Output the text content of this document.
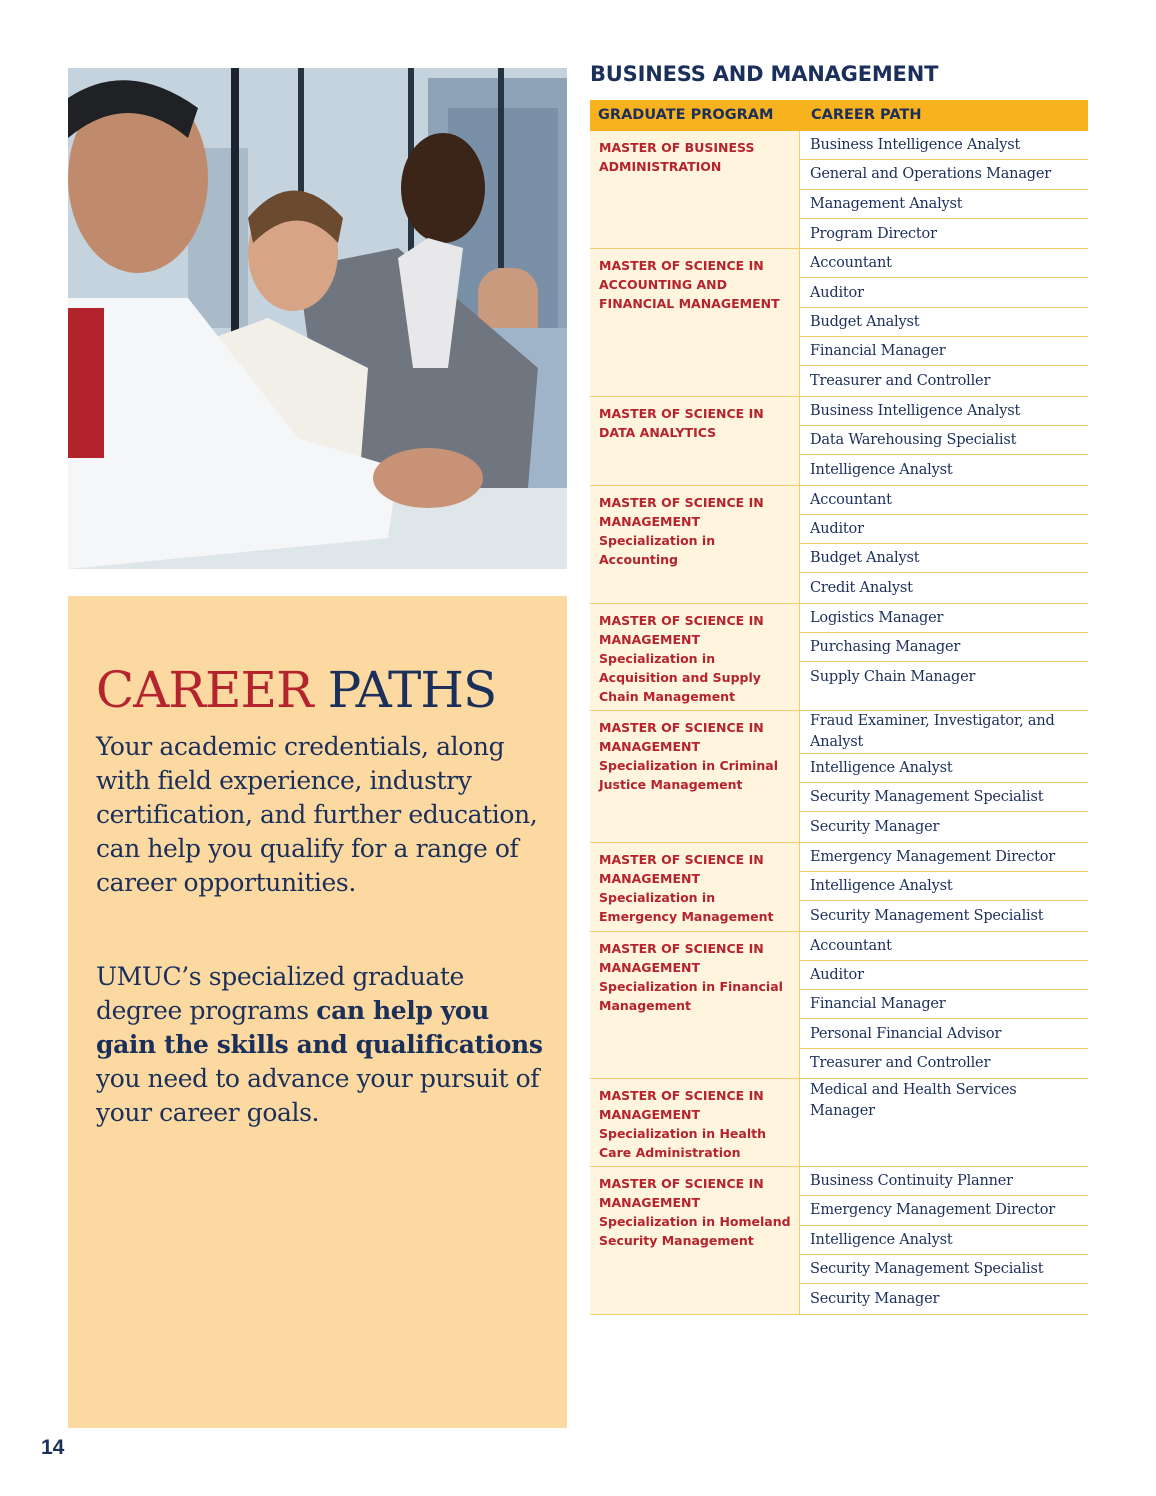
CAREER PATHS

Your academic credentials, along with field experience, industry certification, and further education, can help you qualify for a range of career opportunities.

UMUC’s specialized graduate degree programs can help you gain the skills and qualifications you need to advance your pursuit of your career goals.

14
BUSINESS AND MANAGEMENT
GRADUATE PROGRAM	CAREER PATH
MASTER OF BUSINESS ADMINISTRATION
Business Intelligence Analyst
General and Operations Manager
Management Analyst
Program Director
MASTER OF SCIENCE IN ACCOUNTING AND FINANCIAL MANAGEMENT
Accountant
Auditor
Budget Analyst
Financial Manager
Treasurer and Controller
MASTER OF SCIENCE IN DATA ANALYTICS
Business Intelligence Analyst
Data Warehousing Specialist
Intelligence Analyst
MASTER OF SCIENCE IN MANAGEMENT
Specialization in Accounting
Accountant
Auditor
Budget Analyst
Credit Analyst
MASTER OF SCIENCE IN MANAGEMENT
Specialization in Acquisition and Supply Chain Management
Logistics Manager
Purchasing Manager
Supply Chain Manager
MASTER OF SCIENCE IN MANAGEMENT
Specialization in Criminal Justice Management
Fraud Examiner, Investigator, and Analyst
Intelligence Analyst
Security Management Specialist
Security Manager
MASTER OF SCIENCE IN MANAGEMENT
Specialization in Emergency Management
Emergency Management Director
Intelligence Analyst
Security Management Specialist
MASTER OF SCIENCE IN MANAGEMENT
Specialization in Financial Management
Accountant
Auditor
Financial Manager
Personal Financial Advisor
Treasurer and Controller
MASTER OF SCIENCE IN MANAGEMENT
Specialization in Health Care Administration
Medical and Health Services Manager
MASTER OF SCIENCE IN MANAGEMENT
Specialization in Homeland Security Management
Business Continuity Planner
Emergency Management Director
Intelligence Analyst
Security Management Specialist
Security Manager
